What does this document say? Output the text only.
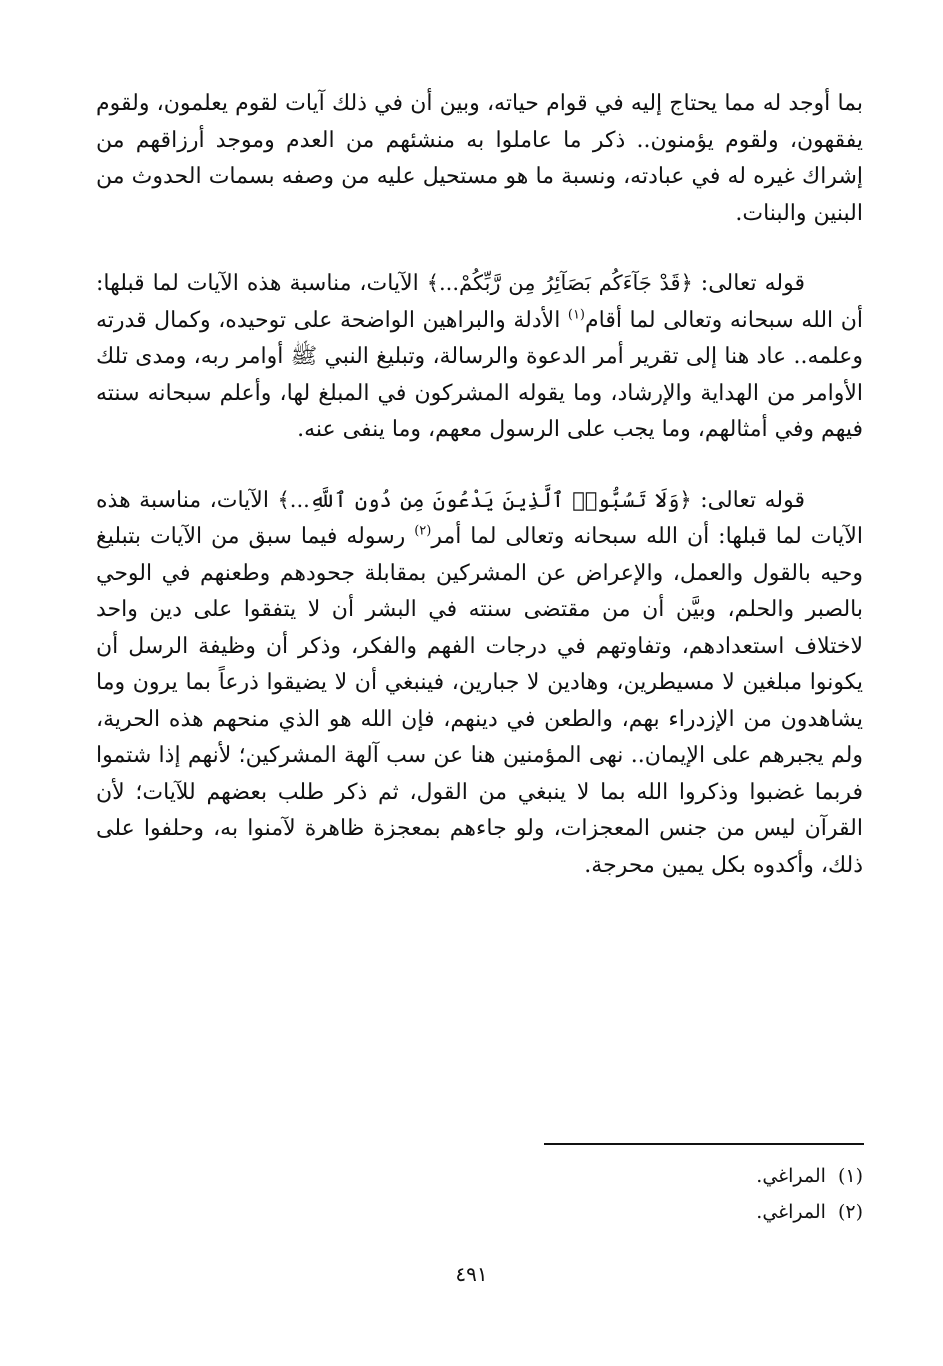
بما أوجد له مما يحتاج إليه في قوام حياته، وبين أن في ذلك آيات لقوم يعلمون، ولقوم يفقهون، ولقوم يؤمنون.. ذكر ما عاملوا به منشئهم من العدم وموجد أرزاقهم من إشراك غيره له في عبادته، ونسبة ما هو مستحيل عليه من وصفه بسمات الحدوث من البنين والبنات.

قوله تعالى: ﴿قَدْ جَآءَكُم بَصَآئِرُ مِن رَّبِّكُمْ...﴾ الآيات، مناسبة هذه الآيات لما قبلها: أن الله سبحانه وتعالى لما أقام$^{(١)}$ الأدلة والبراهين الواضحة على توحيده، وكمال قدرته وعلمه.. عاد هنا إلى تقرير أمر الدعوة والرسالة، وتبليغ النبي ﷺ أوامر ربه، ومدى تلك الأوامر من الهداية والإرشاد، وما يقوله المشركون في المبلغ لها، وأعلم سبحانه سنته فيهم وفي أمثالهم، وما يجب على الرسول معهم، وما ينفى عنه.

قوله تعالى: ﴿وَلَا تَسُبُّوا۟ ٱلَّذِينَ يَدْعُونَ مِن دُونِ ٱللَّهِ...﴾ الآيات، مناسبة هذه الآيات لما قبلها: أن الله سبحانه وتعالى لما أمر$^{(٢)}$ رسوله فيما سبق من الآيات بتبليغ وحيه بالقول والعمل، والإعراض عن المشركين بمقابلة جحودهم وطعنهم في الوحي بالصبر والحلم، وبيَّن أن من مقتضى سنته في البشر أن لا يتفقوا على دين واحد لاختلاف استعدادهم، وتفاوتهم في درجات الفهم والفكر، وذكر أن وظيفة الرسل أن يكونوا مبلغين لا مسيطرين، وهادين لا جبارين، فينبغي أن لا يضيقوا ذرعاً بما يرون وما يشاهدون من الإزدراء بهم، والطعن في دينهم، فإن الله هو الذي منحهم هذه الحرية، ولم يجبرهم على الإيمان.. نهى المؤمنين هنا عن سب آلهة المشركين؛ لأنهم إذا شتموا فربما غضبوا وذكروا الله بما لا ينبغي من القول، ثم ذكر طلب بعضهم للآيات؛ لأن القرآن ليس من جنس المعجزات، ولو جاءهم بمعجزة ظاهرة لآمنوا به، وحلفوا على ذلك، وأكدوه بكل يمين محرجة.

(١)المراغي.

(٢)المراغي.

٤٩١
